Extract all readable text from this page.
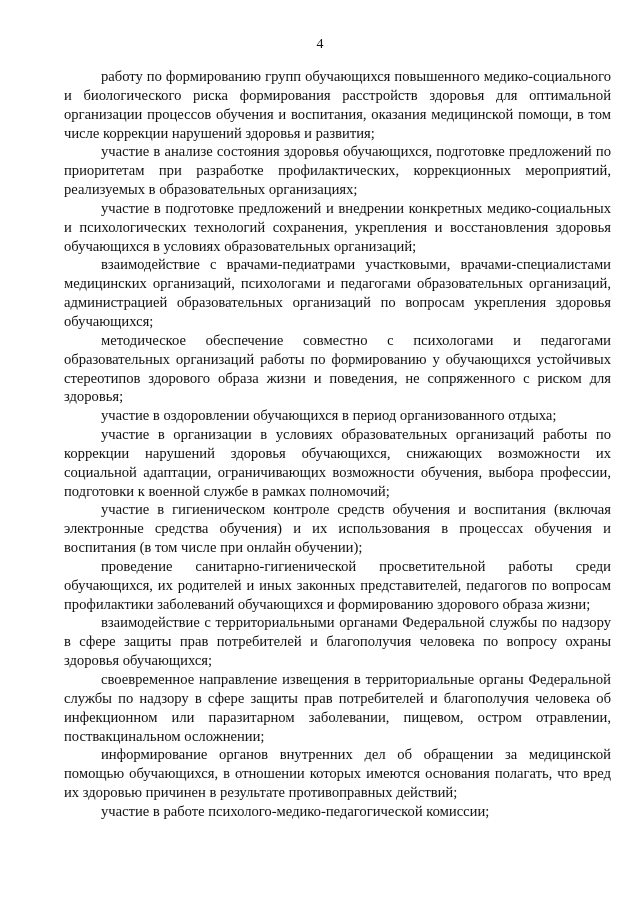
4

работу по формированию групп обучающихся повышенного медико-социального и биологического риска формирования расстройств здоровья для оптимальной организации процессов обучения и воспитания, оказания медицинской помощи, в том числе коррекции нарушений здоровья и развития;

участие в анализе состояния здоровья обучающихся, подготовке предложений по приоритетам при разработке профилактических, коррекционных мероприятий, реализуемых в образовательных организациях;

участие в подготовке предложений и внедрении конкретных медико-социальных и психологических технологий сохранения, укрепления и восстановления здоровья обучающихся в условиях образовательных организаций;

взаимодействие с врачами-педиатрами участковыми, врачами-специалистами медицинских организаций, психологами и педагогами образовательных организаций, администрацией образовательных организаций по вопросам укрепления здоровья обучающихся;

методическое обеспечение совместно с психологами и педагогами образовательных организаций работы по формированию у обучающихся устойчивых стереотипов здорового образа жизни и поведения, не сопряженного с риском для здоровья;

участие в оздоровлении обучающихся в период организованного отдыха;

участие в организации в условиях образовательных организаций работы по коррекции нарушений здоровья обучающихся, снижающих возможности их социальной адаптации, ограничивающих возможности обучения, выбора профессии, подготовки к военной службе в рамках полномочий;

участие в гигиеническом контроле средств обучения и воспитания (включая электронные средства обучения) и их использования в процессах обучения и воспитания (в том числе при онлайн обучении);

проведение санитарно-гигиенической просветительной работы среди обучающихся, их родителей и иных законных представителей, педагогов по вопросам профилактики заболеваний обучающихся и формированию здорового образа жизни;

взаимодействие с территориальными органами Федеральной службы по надзору в сфере защиты прав потребителей и благополучия человека по вопросу охраны здоровья обучающихся;

своевременное направление извещения в территориальные органы Федеральной службы по надзору в сфере защиты прав потребителей и благополучия человека об инфекционном или паразитарном заболевании, пищевом, остром отравлении, поствакцинальном осложнении;

информирование органов внутренних дел об обращении за медицинской помощью обучающихся, в отношении которых имеются основания полагать, что вред их здоровью причинен в результате противоправных действий;

участие в работе психолого-медико-педагогической комиссии;
